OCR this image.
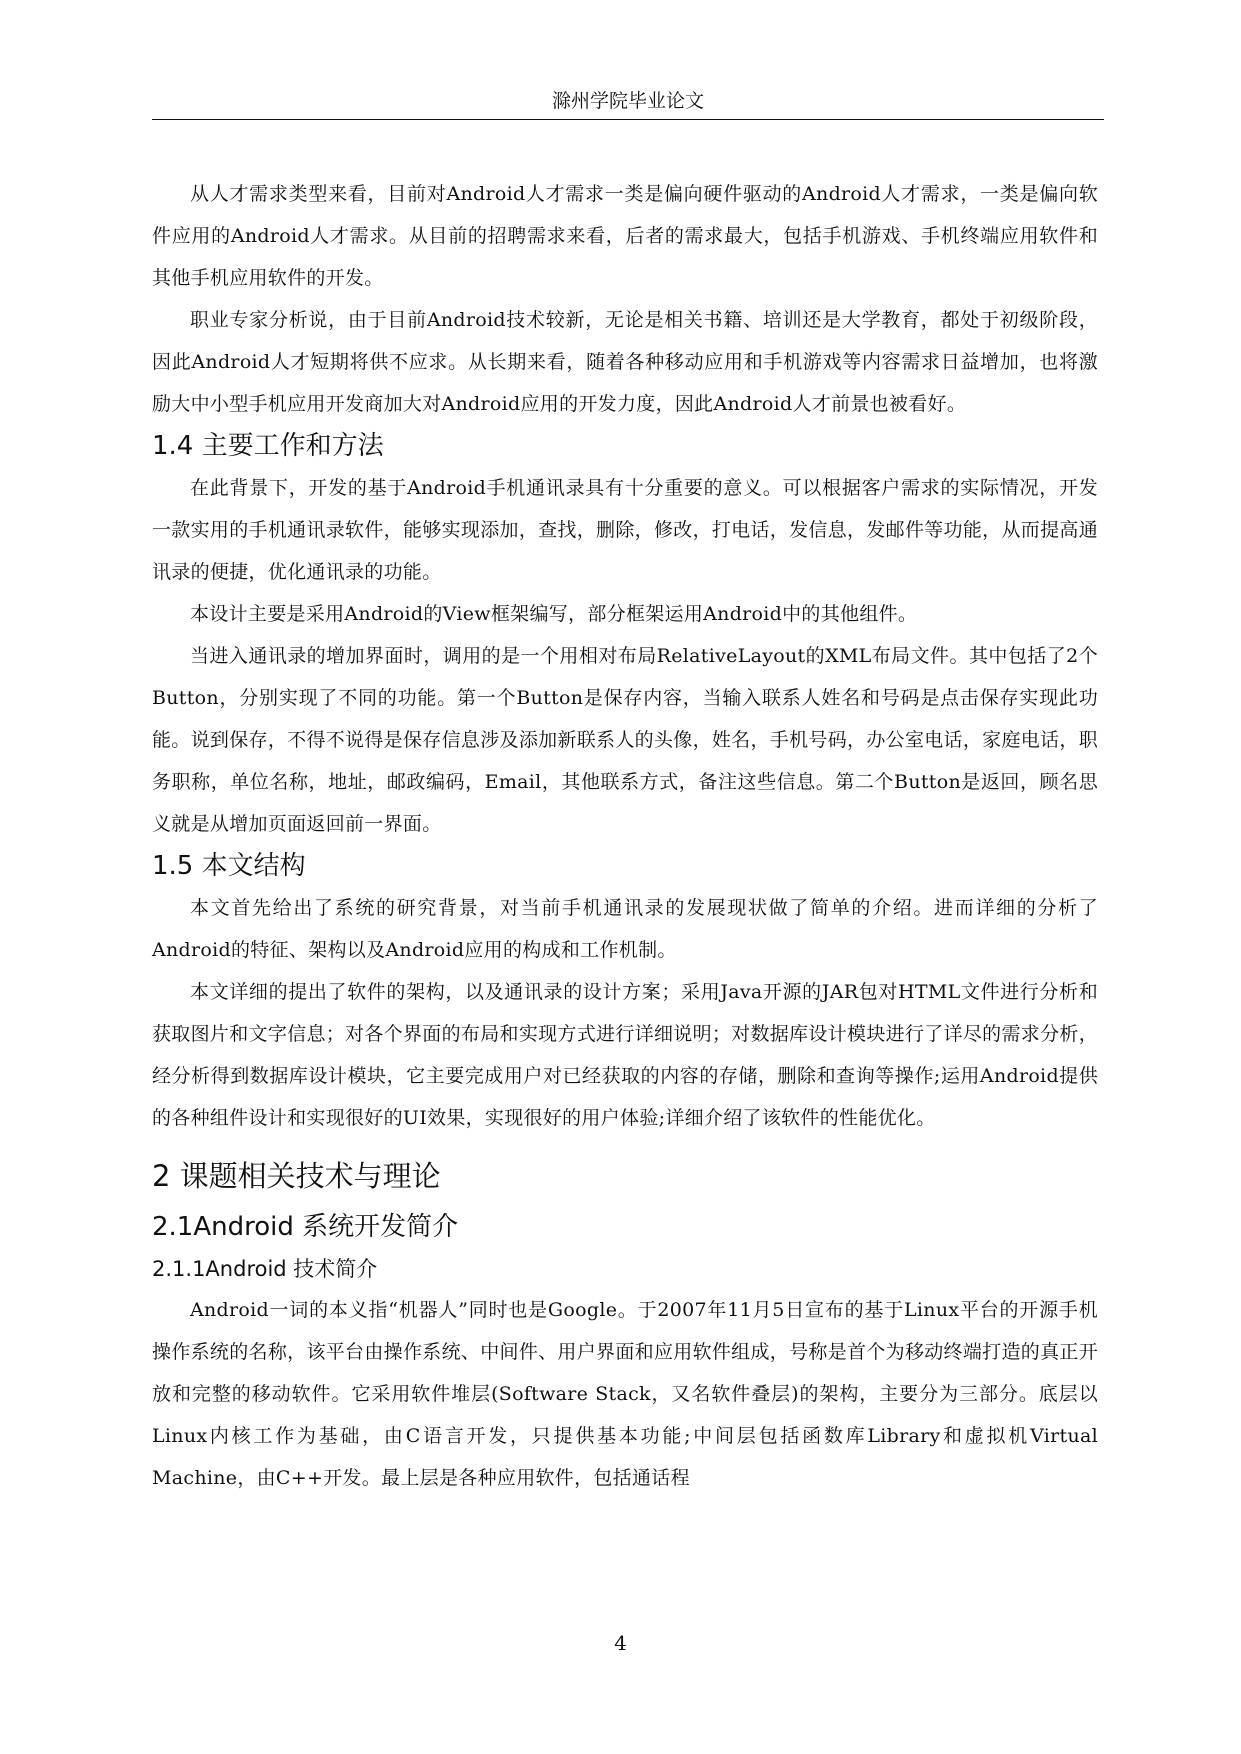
滁州学院毕业论文

从人才需求类型来看，目前对Android人才需求一类是偏向硬件驱动的Android人才需求，一类是偏向软件应用的Android人才需求。从目前的招聘需求来看，后者的需求最大，包括手机游戏、手机终端应用软件和其他手机应用软件的开发。

职业专家分析说，由于目前Android技术较新，无论是相关书籍、培训还是大学教育，都处于初级阶段，因此Android人才短期将供不应求。从长期来看，随着各种移动应用和手机游戏等内容需求日益增加，也将激励大中小型手机应用开发商加大对Android应用的开发力度，因此Android人才前景也被看好。

1.4 主要工作和方法

在此背景下，开发的基于Android手机通讯录具有十分重要的意义。可以根据客户需求的实际情况，开发一款实用的手机通讯录软件，能够实现添加，查找，删除，修改，打电话，发信息，发邮件等功能，从而提高通讯录的便捷，优化通讯录的功能。

本设计主要是采用Android的View框架编写，部分框架运用Android中的其他组件。

当进入通讯录的增加界面时，调用的是一个用相对布局RelativeLayout的XML布局文件。其中包括了2个Button，分别实现了不同的功能。第一个Button是保存内容，当输入联系人姓名和号码是点击保存实现此功能。说到保存，不得不说得是保存信息涉及添加新联系人的头像，姓名，手机号码，办公室电话，家庭电话，职务职称，单位名称，地址，邮政编码，Email，其他联系方式，备注这些信息。第二个Button是返回，顾名思义就是从增加页面返回前一界面。

1.5 本文结构

本文首先给出了系统的研究背景，对当前手机通讯录的发展现状做了简单的介绍。进而详细的分析了Android的特征、架构以及Android应用的构成和工作机制。

本文详细的提出了软件的架构，以及通讯录的设计方案；采用Java开源的JAR包对HTML文件进行分析和获取图片和文字信息；对各个界面的布局和实现方式进行详细说明；对数据库设计模块进行了详尽的需求分析，经分析得到数据库设计模块，它主要完成用户对已经获取的内容的存储，删除和查询等操作;运用Android提供的各种组件设计和实现很好的UI效果，实现很好的用户体验;详细介绍了该软件的性能优化。

2 课题相关技术与理论
2.1Android 系统开发简介
2.1.1Android 技术简介

Android一词的本义指“机器人”同时也是Google。于2007年11月5日宣布的基于Linux平台的开源手机操作系统的名称，该平台由操作系统、中间件、用户界面和应用软件组成，号称是首个为移动终端打造的真正开放和完整的移动软件。它采用软件堆层(Software Stack，又名软件叠层)的架构，主要分为三部分。底层以Linux内核工作为基础，由C语言开发，只提供基本功能;中间层包括函数库Library和虚拟机Virtual Machine，由C++开发。最上层是各种应用软件，包括通话程

4
